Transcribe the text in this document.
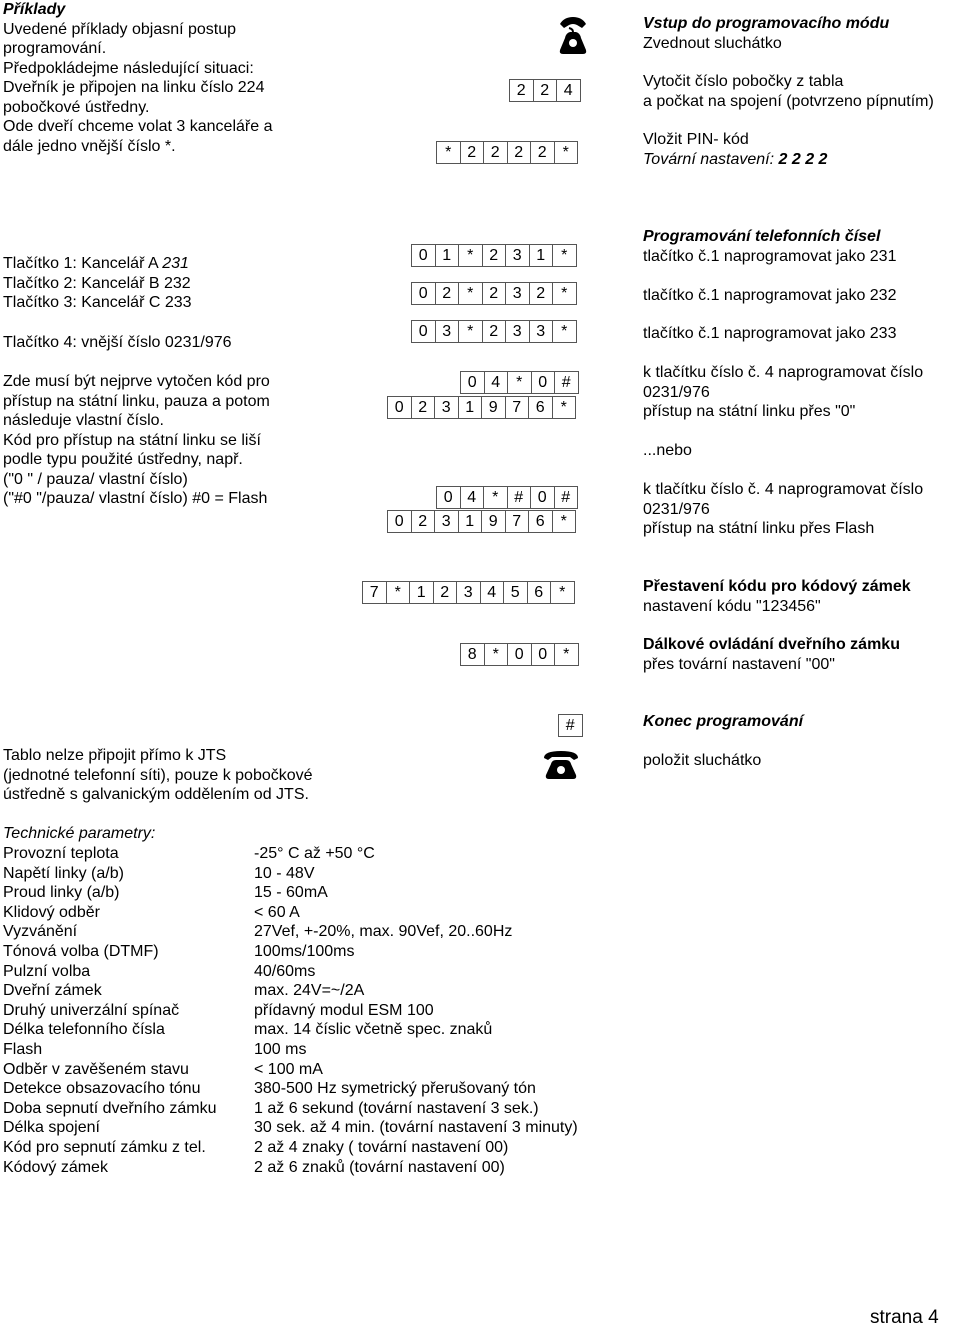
Příklady
Uvedené příklady objasní postup
programování.
Předpokládejme následující situaci:
Dveřník je připojen na linku číslo 224
pobočkové ústředny.
Ode dveří chceme volat 3 kanceláře a
dále jedno vnější číslo *.
2 2 4
* 2 2 2 2 *
Vstup do programovacího módu
Zvednout sluchátko
Vytočit číslo pobočky z tabla
a počkat na spojení (potvrzeno pípnutím)
Vložit PIN- kód
Tovární nastavení: 2 2 2 2
Tlačítko 1: Kancelář A 231
Tlačítko 2: Kancelář B 232
Tlačítko 3: Kancelář C 233
Tlačítko 4: vnější číslo 0231/976
Zde musí být nejprve vytočen kód pro
přístup na státní linku, pauza a potom
následuje vlastní číslo.
Kód pro přístup na státní linku se liší
podle typu použité ústředny, např.
("0 " / pauza/ vlastní číslo)
("#0 "/pauza/ vlastní číslo) #0 = Flash
0 1 * 2 3 1 *
0 2 * 2 3 2 *
0 3 * 2 3 3 *
0 4 * 0 #
0 2 3 1 9 7 6 *
0 4 * # 0 #
0 2 3 1 9 7 6 *
Programování telefonních čísel
tlačítko č.1 naprogramovat jako 231
tlačítko č.1 naprogramovat jako 232
tlačítko č.1 naprogramovat jako 233
k tlačítku číslo č. 4 naprogramovat číslo
0231/976
přístup na státní linku přes "0"
...nebo
k tlačítku číslo č. 4 naprogramovat číslo
0231/976
přístup na státní linku přes Flash
7 * 1 2 3 4 5 6 *
8 * 0 0 *
Přestavení kódu pro kódový zámek
nastavení kódu "123456"
Dálkové ovládání dveřního zámku
přes tovární nastavení "00"
#	Konec programování
položit sluchátko
Tablo nelze připojit přímo k JTS
(jednotné telefonní síti), pouze k pobočkové
ústředně s galvanickým oddělením od JTS.
Technické parametry:
Provozní teplota	-25° C až +50 °C
Napětí linky (a/b)	10 - 48V
Proud linky (a/b)	15 - 60mA
Klidový odběr	< 60 A
Vyzvánění	27Vef, +-20%, max. 90Vef, 20..60Hz
Tónová volba (DTMF)	100ms/100ms
Pulzní volba	40/60ms
Dveřní zámek	max. 24V=~/2A
Druhý univerzální spínač	přídavný modul ESM 100
Délka telefonního čísla	max. 14 číslic včetně spec. znaků
Flash	100 ms
Odběr v zavěšeném stavu	< 100 mA
Detekce obsazovacího tónu	380-500 Hz symetrický přerušovaný tón
Doba sepnutí dveřního zámku 1 až 6 sekund (tovární nastavení 3 sek.)
Délka spojení	30 sek. až 4 min. (tovární nastavení 3 minuty)
Kód pro sepnutí zámku z tel.	2 až 4 znaky ( tovární nastavení 00)
Kódový zámek	2 až 6 znaků (tovární nastavení 00)
strana 4
